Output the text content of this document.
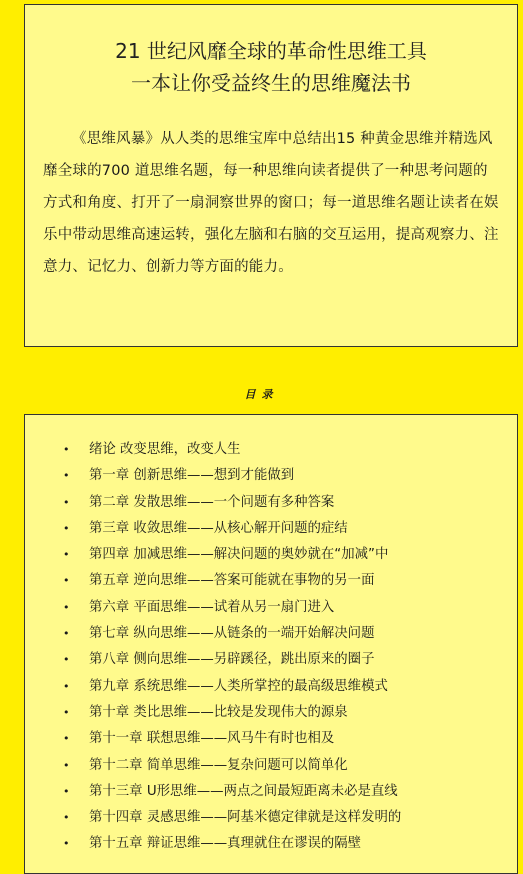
21 世纪风靡全球的革命性思维工具
一本让你受益终生的思维魔法书
《思维风暴》从人类的思维宝库中总结出15 种黄金思维并精选风靡全球的700 道思维名题，每一种思维向读者提供了一种思考问题的方式和角度、打开了一扇洞察世界的窗口；每一道思维名题让读者在娱乐中带动思维高速运转，强化左脑和右脑的交互运用，提高观察力、注意力、记忆力、创新力等方面的能力。
目录
• 绪论 改变思维，改变人生
• 第一章 创新思维——想到才能做到
• 第二章 发散思维——一个问题有多种答案
• 第三章 收敛思维——从核心解开问题的症结
• 第四章 加减思维——解决问题的奥妙就在“加减”中
• 第五章 逆向思维——答案可能就在事物的另一面
• 第六章 平面思维——试着从另一扇门进入
• 第七章 纵向思维——从链条的一端开始解决问题
• 第八章 侧向思维——另辟蹊径，跳出原来的圈子
• 第九章 系统思维——人类所掌控的最高级思维模式
• 第十章 类比思维——比较是发现伟大的源泉
• 第十一章 联想思维——风马牛有时也相及
• 第十二章 简单思维——复杂问题可以简单化
• 第十三章 U形思维——两点之间最短距离未必是直线
• 第十四章 灵感思维——阿基米德定律就是这样发明的
• 第十五章 辩证思维——真理就住在谬误的隔壁
